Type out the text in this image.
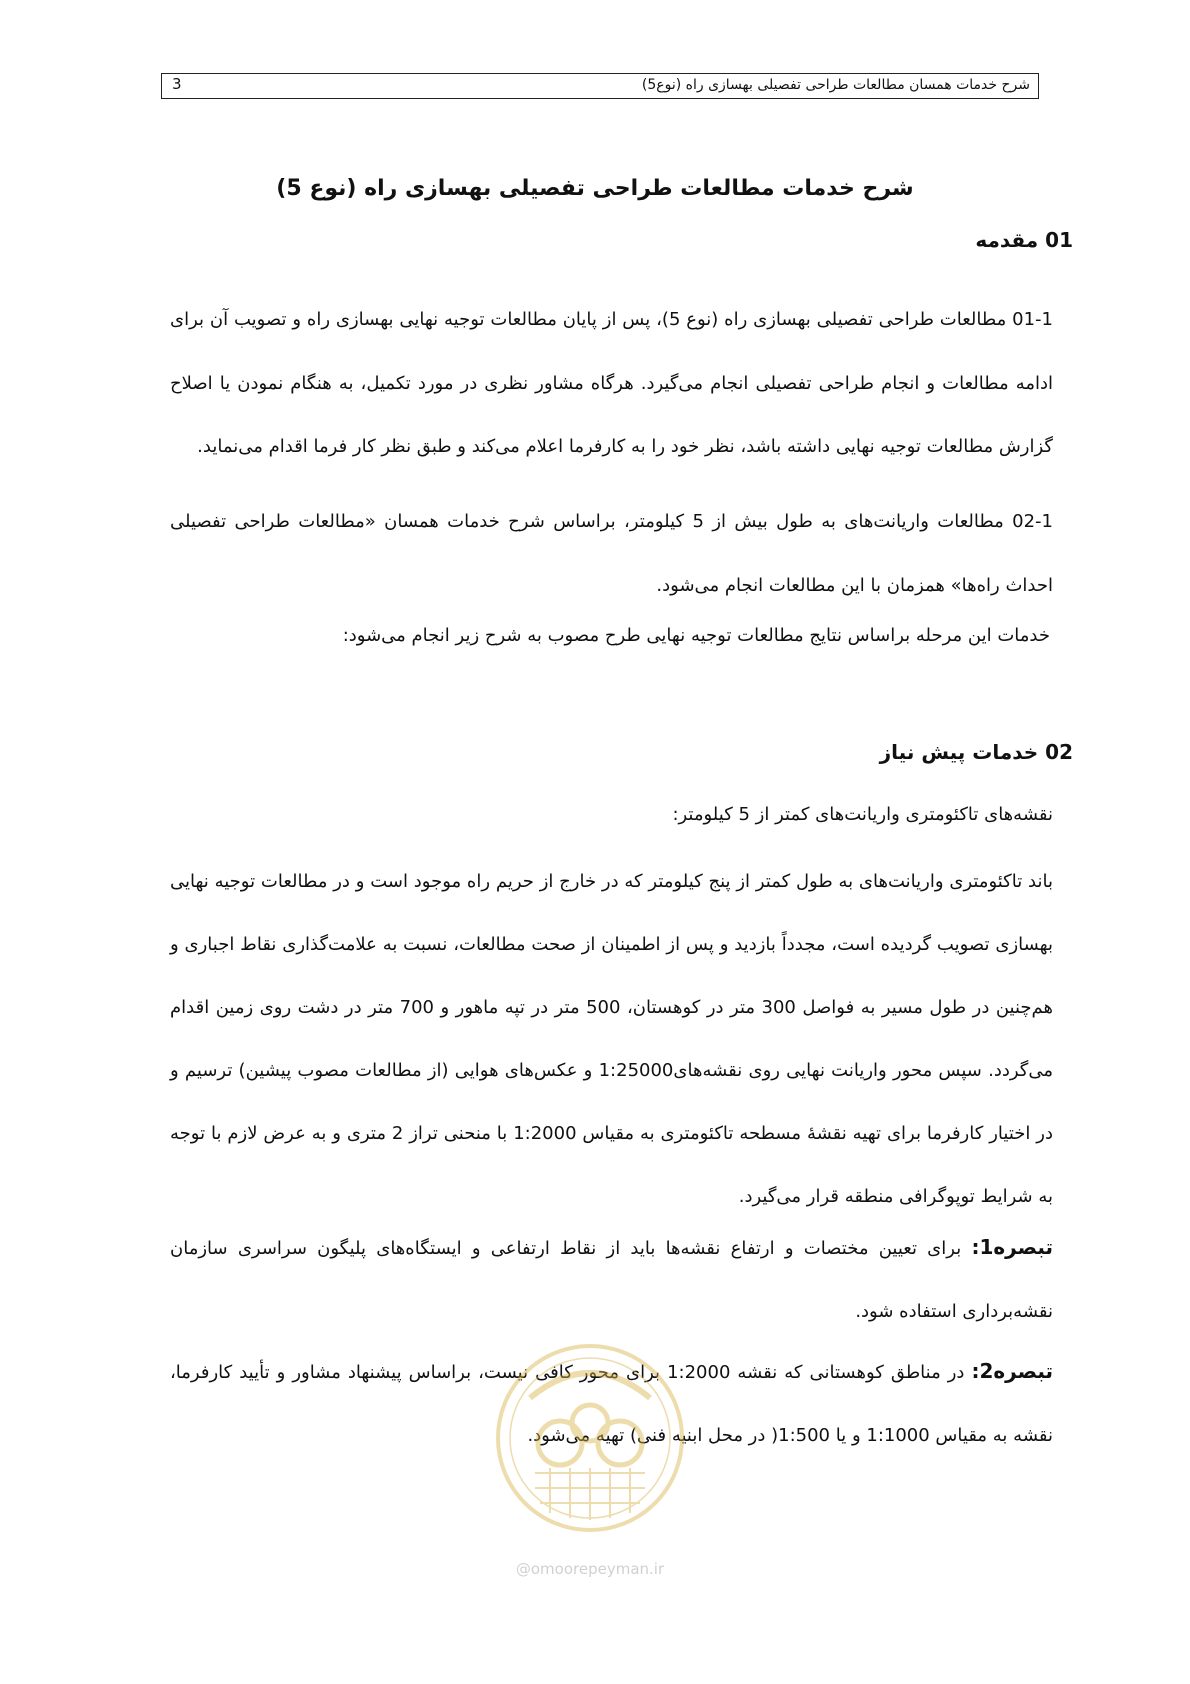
3	شرح خدمات همسان مطالعات طراحی تفصیلی بهسازی راه (نوع5)
شرح خدمات مطالعات طراحی تفصیلی بهسازی راه (نوع 5)
01 مقدمه
01-1 مطالعات طراحی تفصیلی بهسازی راه (نوع 5)، پس از پایان مطالعات توجیه نهایی بهسازی راه و تصویب آن برای ادامه مطالعات و انجام طراحی تفصیلی انجام می‌گیرد. هرگاه مشاور نظری در مورد تکمیل، به هنگام نمودن یا اصلاح گزارش مطالعات توجیه نهایی داشته باشد، نظر خود را به کارفرما اعلام می‌کند و طبق نظر کار فرما اقدام می‌نماید.
02-1 مطالعات واریانت‌های به طول بیش از 5 کیلومتر، براساس شرح خدمات همسان «مطالعات طراحی تفصیلی احداث راه‌ها» همزمان با این مطالعات انجام می‌شود.
خدمات این مرحله براساس نتایج مطالعات توجیه نهایی طرح مصوب به شرح زیر انجام می‌شود:
02 خدمات پیش نیاز
نقشه‌های تاکئومتری واریانت‌های کمتر از 5 کیلومتر:
باند تاکئومتری واریانت‌های به طول کمتر از پنج کیلومتر که در خارج از حریم راه موجود است و در مطالعات توجیه نهایی بهسازی تصویب گردیده است، مجدداً بازدید و پس از اطمینان از صحت مطالعات، نسبت به علامت‌گذاری نقاط اجباری و هم‌چنین در طول مسیر به فواصل 300 متر در کوهستان، 500 متر در تپه ماهور و 700 متر در دشت روی زمین اقدام می‌گردد. سپس محور واریانت نهایی روی نقشه‌های1:25000 و عکس‌های هوایی (از مطالعات مصوب پیشین) ترسیم و در اختیار کارفرما برای تهیه نقشهٔ مسطحه تاکئومتری به مقیاس 1:2000 با منحنی تراز 2 متری و به عرض لازم با توجه به شرایط توپوگرافی منطقه قرار می‌گیرد.
تبصره1: برای تعیین مختصات و ارتفاع نقشه‌ها باید از نقاط ارتفاعی و ایستگاه‌های پلیگون سراسری سازمان نقشه‌برداری استفاده شود.
تبصره2: در مناطق کوهستانی که نقشه 1:2000 برای محور کافی نیست، براساس پیشنهاد مشاور و تأیید کارفرما، نقشه به مقیاس 1:1000 و یا 1:500( در محل ابنیه فنی) تهیه می‌شود.
@omoorepeyman.ir
